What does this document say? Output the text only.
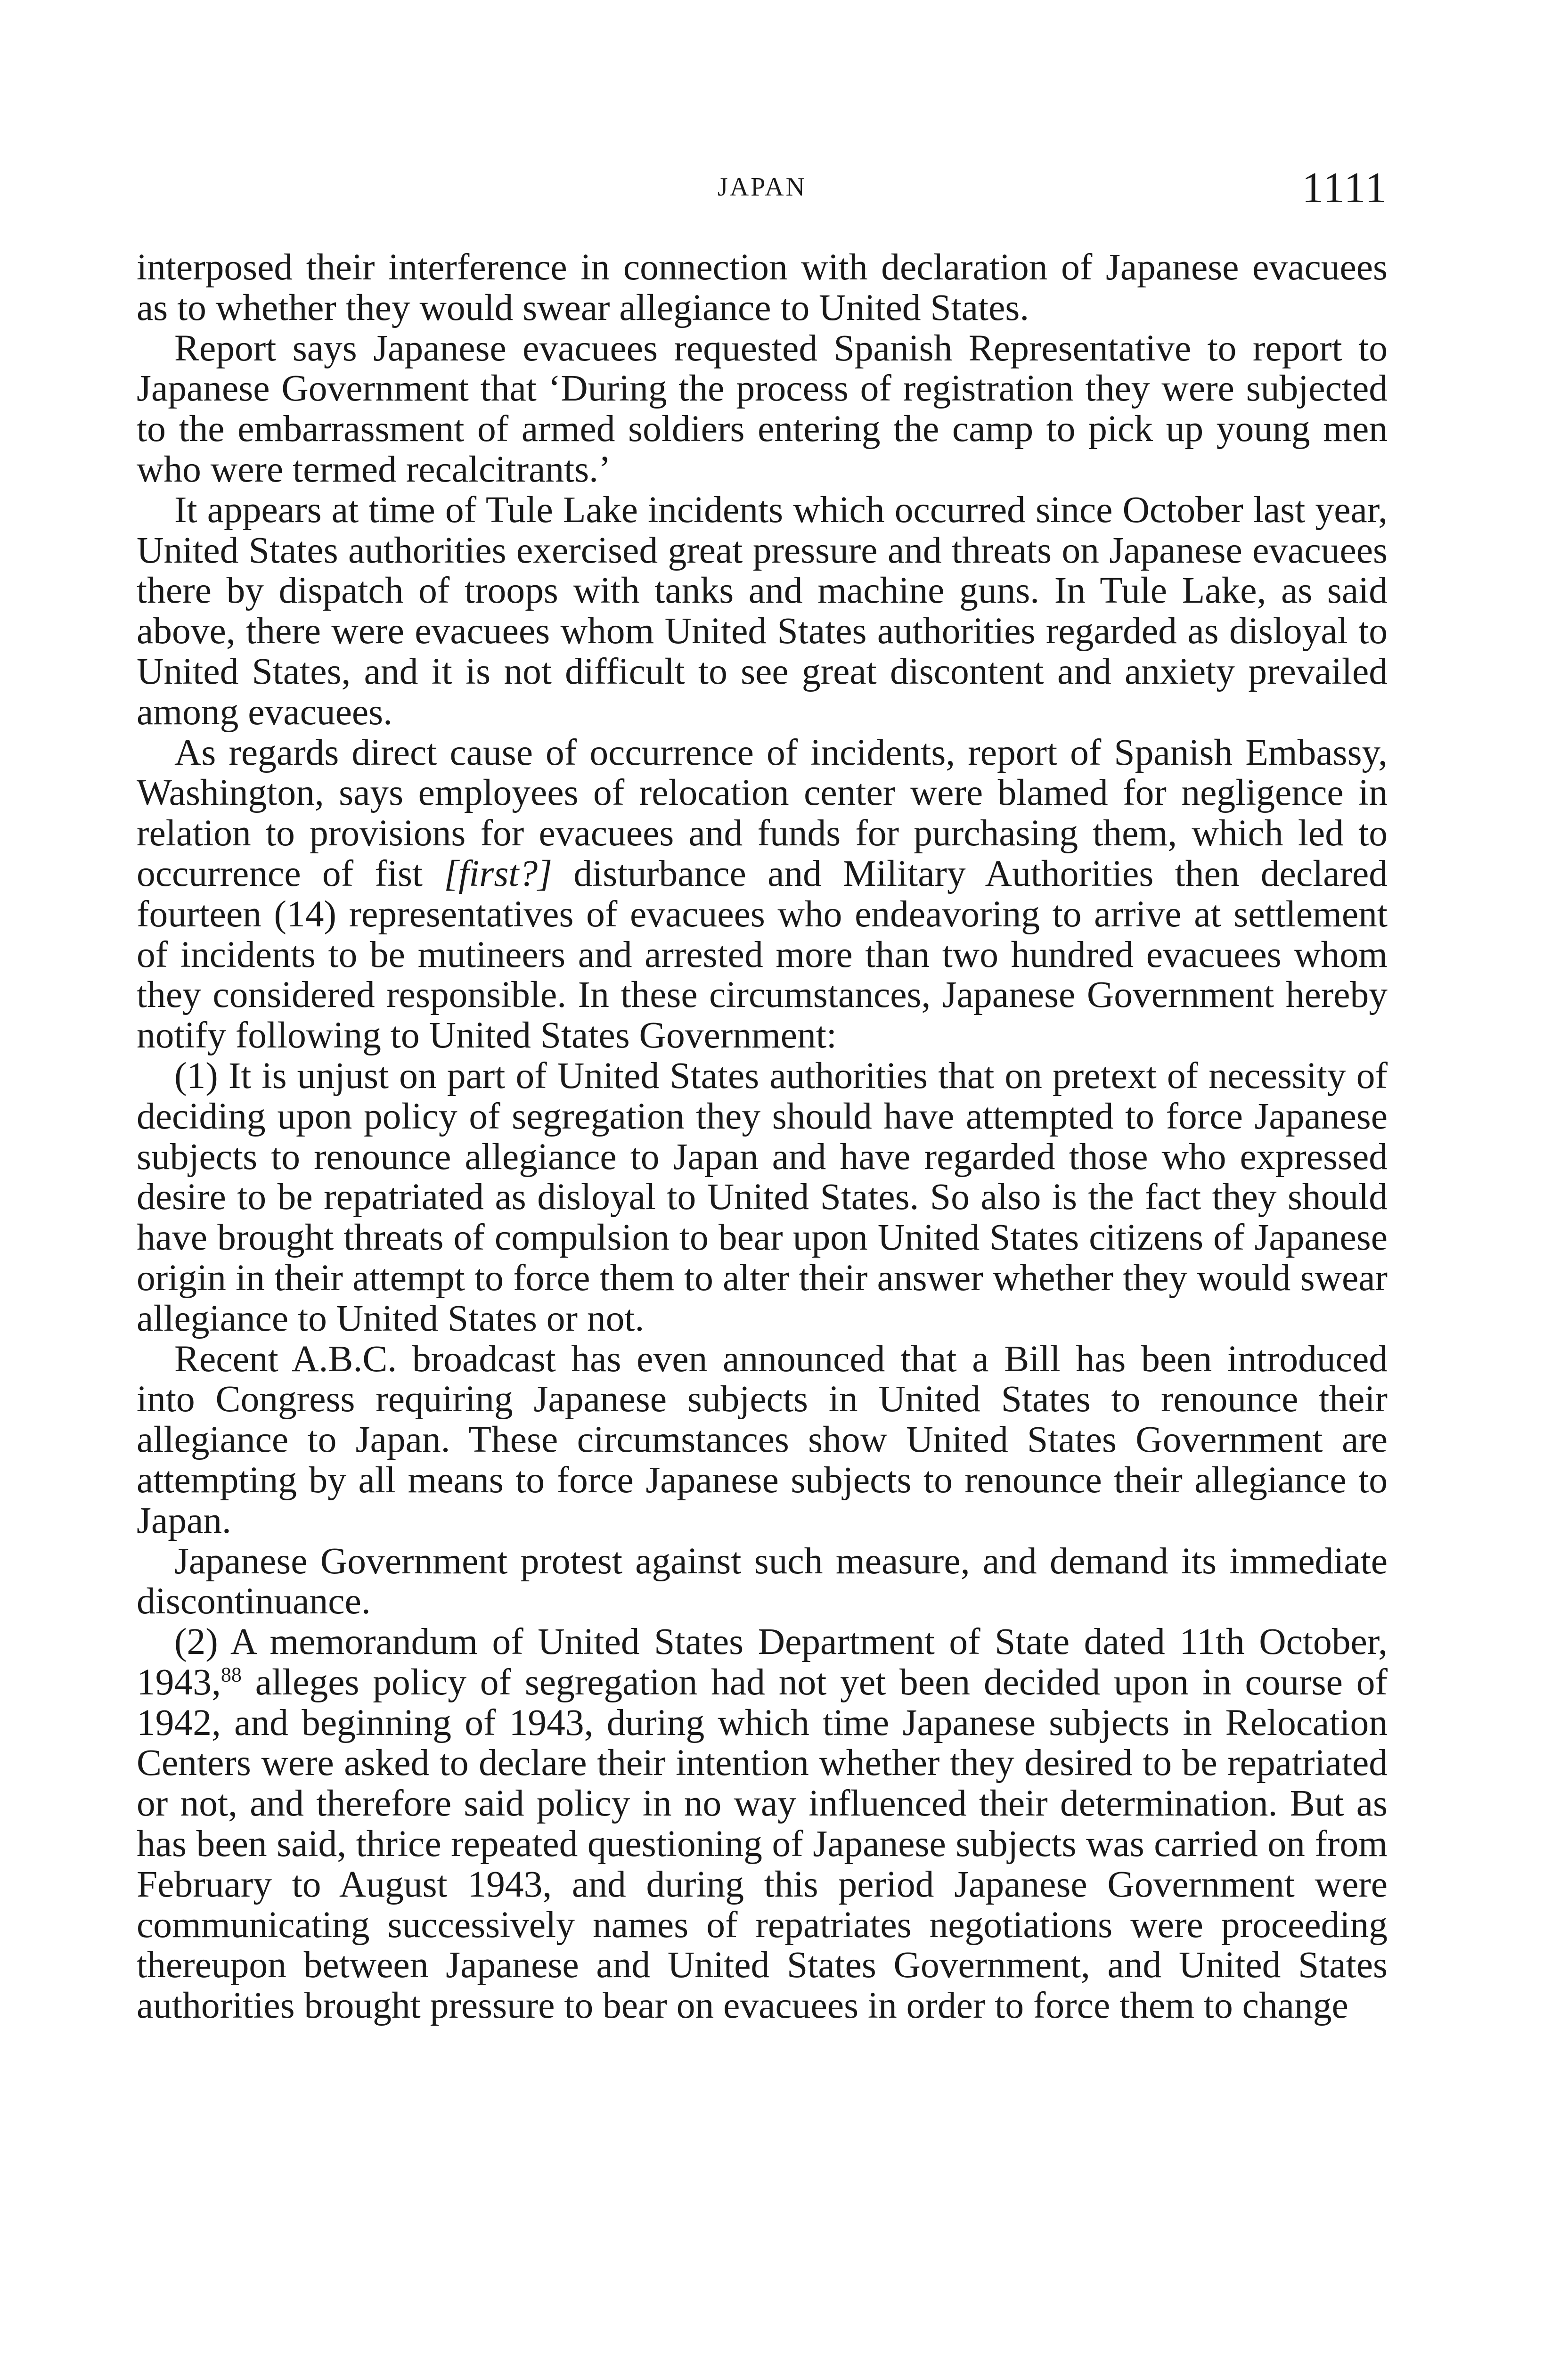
JAPAN	1111

interposed their interference in connection with declaration of Japanese evacuees as to whether they would swear allegiance to United States.

Report says Japanese evacuees requested Spanish Representative to report to Japanese Government that ‘During the process of registration they were subjected to the embarrassment of armed soldiers entering the camp to pick up young men who were termed recalcitrants.’

It appears at time of Tule Lake incidents which occurred since October last year, United States authorities exercised great pressure and threats on Japanese evacuees there by dispatch of troops with tanks and machine guns. In Tule Lake, as said above, there were evacuees whom United States authorities regarded as disloyal to United States, and it is not difficult to see great discontent and anxiety prevailed among evacuees.

As regards direct cause of occurrence of incidents, report of Spanish Embassy, Washington, says employees of relocation center were blamed for negligence in relation to provisions for evacuees and funds for purchasing them, which led to occurrence of fist [first?] disturbance and Military Authorities then declared fourteen (14) representatives of evacuees who endeavoring to arrive at settlement of incidents to be mutineers and arrested more than two hundred evacuees whom they considered responsible. In these circumstances, Japanese Government hereby notify following to United States Government:

(1) It is unjust on part of United States authorities that on pretext of necessity of deciding upon policy of segregation they should have attempted to force Japanese subjects to renounce allegiance to Japan and have regarded those who expressed desire to be repatriated as disloyal to United States. So also is the fact they should have brought threats of compulsion to bear upon United States citizens of Japanese origin in their attempt to force them to alter their answer whether they would swear allegiance to United States or not.

Recent A.B.C. broadcast has even announced that a Bill has been introduced into Congress requiring Japanese subjects in United States to renounce their allegiance to Japan. These circumstances show United States Government are attempting by all means to force Japanese subjects to renounce their allegiance to Japan.

Japanese Government protest against such measure, and demand its immediate discontinuance.

(2) A memorandum of United States Department of State dated 11th October, 1943,88 alleges policy of segregation had not yet been decided upon in course of 1942, and beginning of 1943, during which time Japanese subjects in Relocation Centers were asked to declare their intention whether they desired to be repatriated or not, and therefore said policy in no way influenced their determination. But as has been said, thrice repeated questioning of Japanese subjects was carried on from February to August 1943, and during this period Japanese Government were communicating successively names of repatriates negotiations were proceeding thereupon between Japanese and United States Government, and United States authorities brought pressure to bear on evacuees in order to force them to change
